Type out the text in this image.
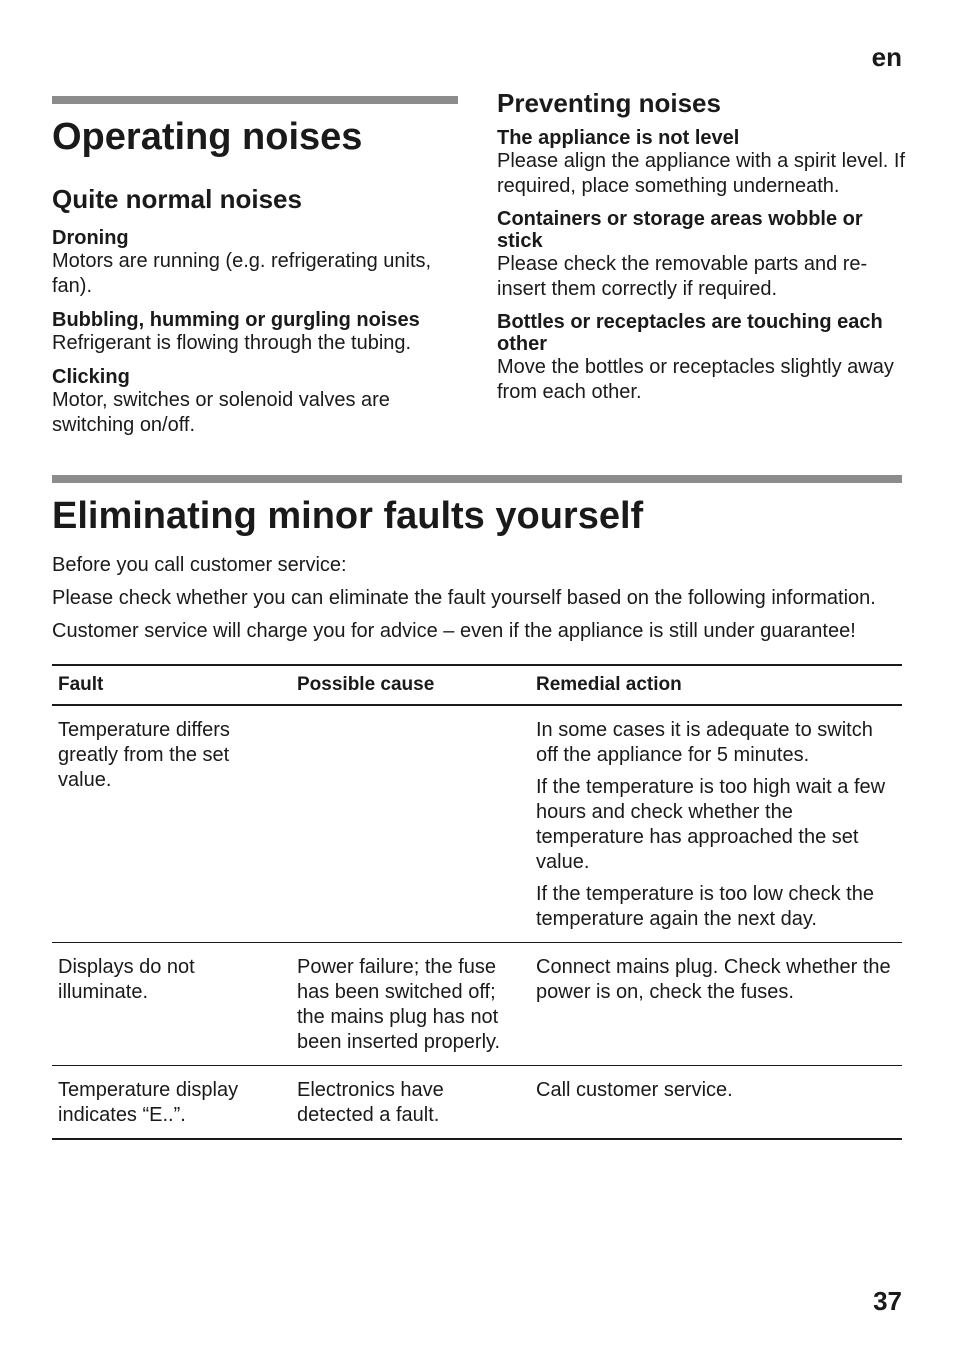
en
Operating noises
Quite normal noises
Droning
Motors are running (e.g. refrigerating units, fan).
Bubbling, humming or gurgling noises
Refrigerant is flowing through the tubing.
Clicking
Motor, switches or solenoid valves are switching on/off.
Preventing noises
The appliance is not level
Please align the appliance with a spirit level. If required, place something underneath.
Containers or storage areas wobble or stick
Please check the removable parts and re-insert them correctly if required.
Bottles or receptacles are touching each other
Move the bottles or receptacles slightly away from each other.
Eliminating minor faults yourself
Before you call customer service:
Please check whether you can eliminate the fault yourself based on the following information.
Customer service will charge you for advice – even if the appliance is still under guarantee!
Fault	Possible cause	Remedial action
Temperature differs greatly from the set value.		In some cases it is adequate to switch off the appliance for 5 minutes.

If the temperature is too high wait a few hours and check whether the temperature has approached the set value.

If the temperature is too low check the temperature again the next day.

Displays do not illuminate.	Power failure; the fuse has been switched off; the mains plug has not been inserted properly.	Connect mains plug. Check whether the power is on, check the fuses.

Temperature display indicates “E..”.	Electronics have detected a fault.	Call customer service.

37
